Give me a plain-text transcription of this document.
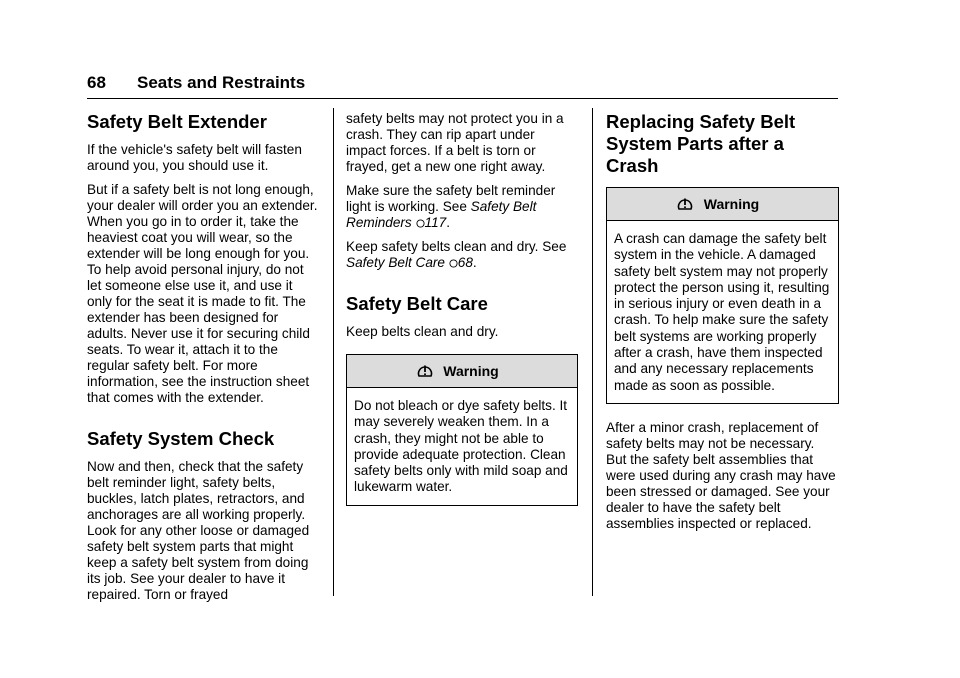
68 Seats and Restraints
Safety Belt Extender

If the vehicle's safety belt will fasten around you, you should use it.

But if a safety belt is not long enough, your dealer will order you an extender. When you go in to order it, take the heaviest coat you will wear, so the extender will be long enough for you. To help avoid personal injury, do not let someone else use it, and use it only for the seat it is made to fit. The extender has been designed for adults. Never use it for securing child seats. To wear it, attach it to the regular safety belt. For more information, see the instruction sheet that comes with the extender.

Safety System Check

Now and then, check that the safety belt reminder light, safety belts, buckles, latch plates, retractors, and anchorages are all working properly. Look for any other loose or damaged safety belt system parts that might keep a safety belt system from doing its job. See your dealer to have it repaired. Torn or frayed

safety belts may not protect you in a crash. They can rip apart under impact forces. If a belt is torn or frayed, get a new one right away.

Make sure the safety belt reminder light is working. See Safety Belt Reminders 117.

Keep safety belts clean and dry. See Safety Belt Care 68.

Safety Belt Care

Keep belts clean and dry.

Warning
Do not bleach or dye safety belts. It may severely weaken them. In a crash, they might not be able to provide adequate protection. Clean safety belts only with mild soap and lukewarm water.
Replacing Safety Belt System Parts after a Crash
Warning
A crash can damage the safety belt system in the vehicle. A damaged safety belt system may not properly protect the person using it, resulting in serious injury or even death in a crash. To help make sure the safety belt systems are working properly after a crash, have them inspected and any necessary replacements made as soon as possible.

After a minor crash, replacement of safety belts may not be necessary. But the safety belt assemblies that were used during any crash may have been stressed or damaged. See your dealer to have the safety belt assemblies inspected or replaced.
